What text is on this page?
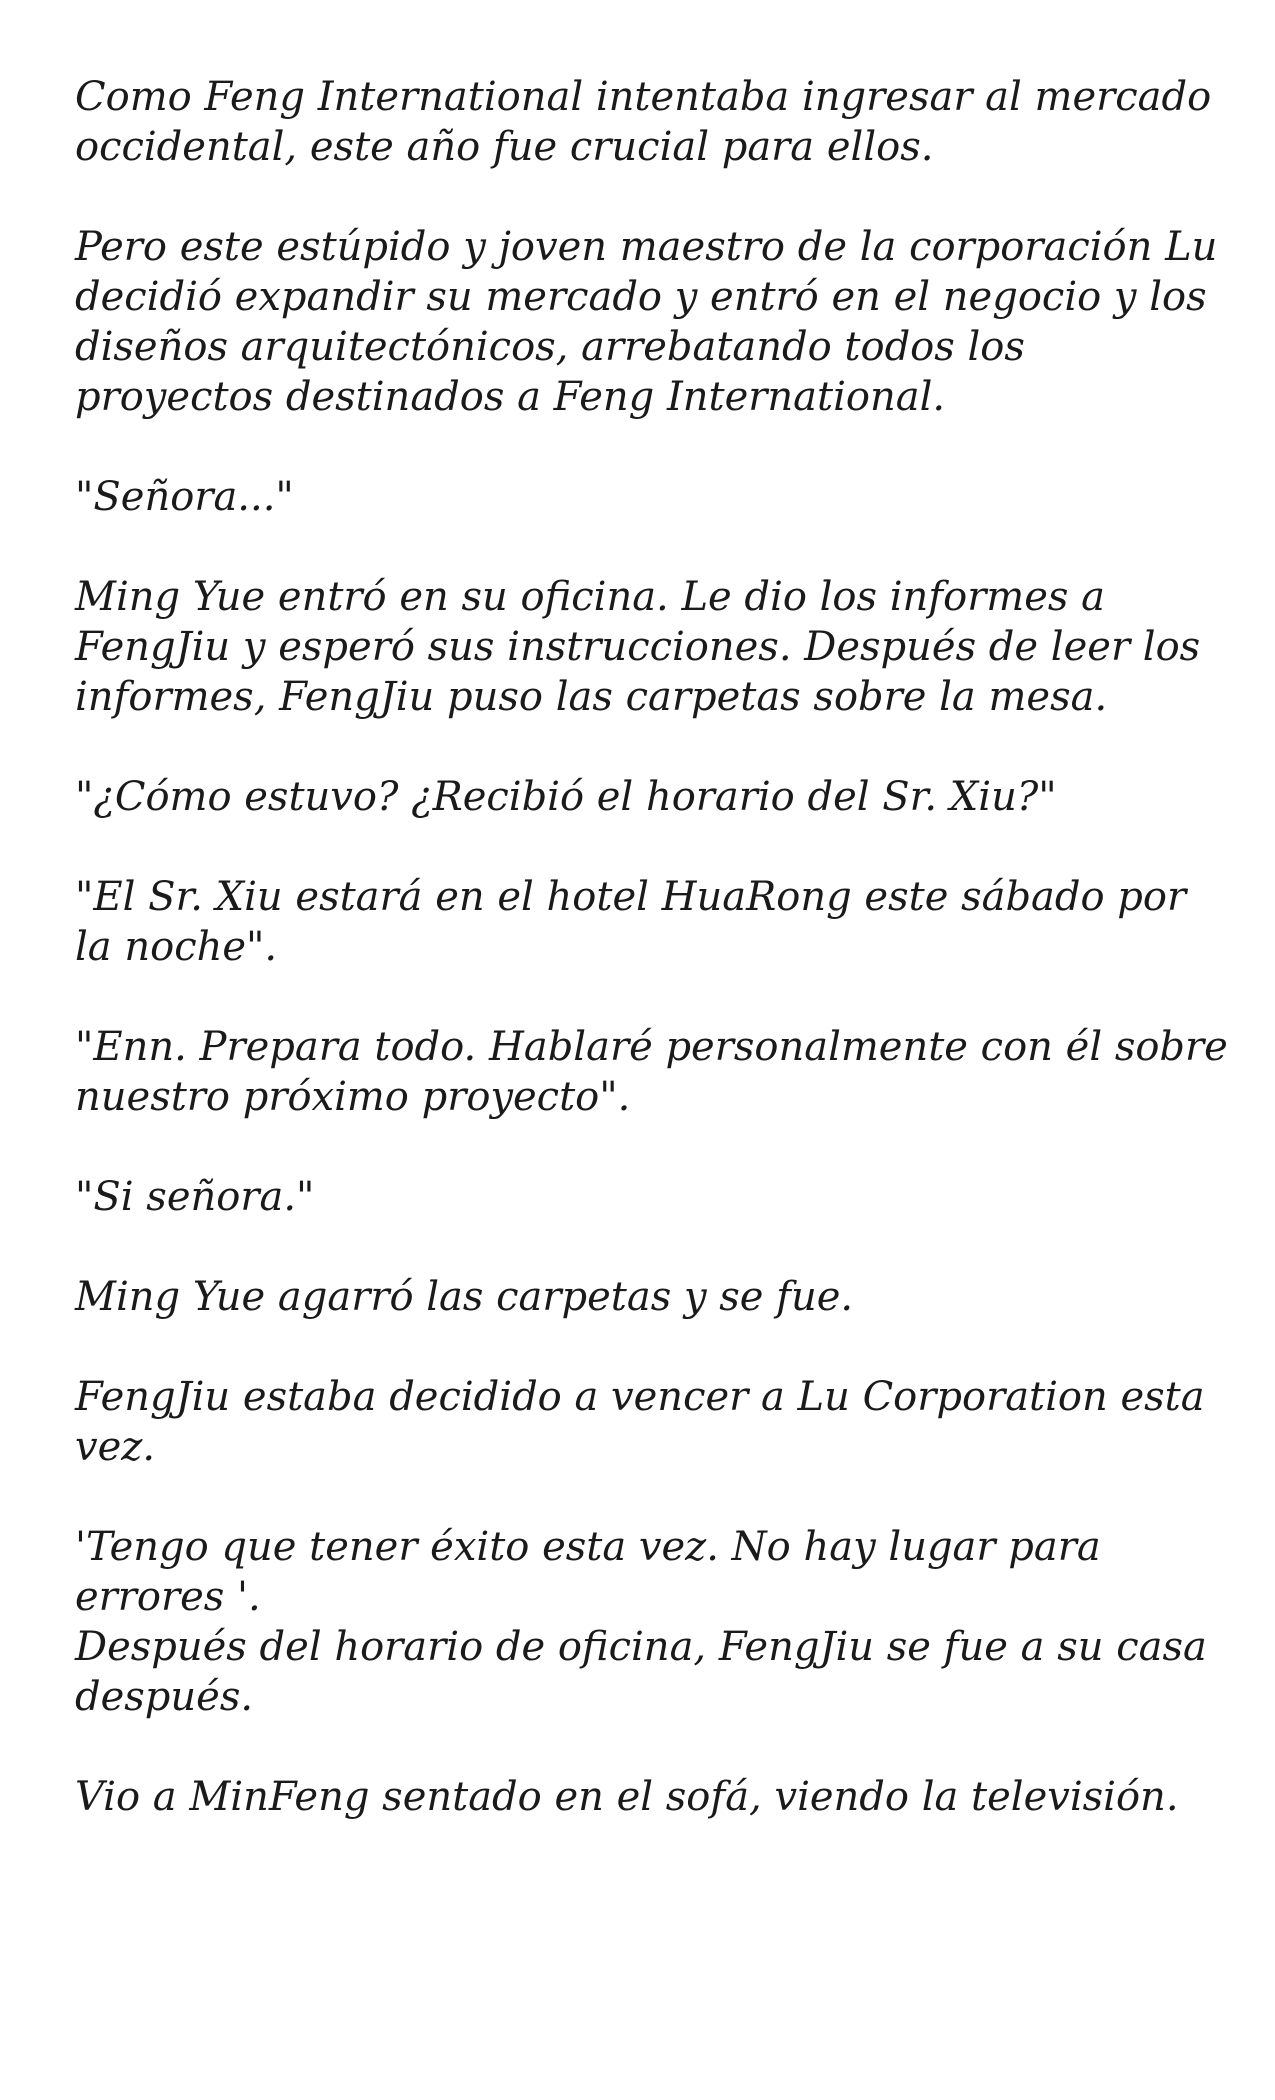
Como Feng International intentaba ingresar al mercado occidental, este año fue crucial para ellos.

Pero este estúpido y joven maestro de la corporación Lu decidió expandir su mercado y entró en el negocio y los diseños arquitectónicos, arrebatando todos los proyectos destinados a Feng International.

"Señora..."

Ming Yue entró en su oficina. Le dio los informes a FengJiu y esperó sus instrucciones. Después de leer los informes, FengJiu puso las carpetas sobre la mesa.

"¿Cómo estuvo? ¿Recibió el horario del Sr. Xiu?"

"El Sr. Xiu estará en el hotel HuaRong este sábado por la noche".

"Enn. Prepara todo. Hablaré personalmente con él sobre nuestro próximo proyecto".

"Si señora."

Ming Yue agarró las carpetas y se fue.

FengJiu estaba decidido a vencer a Lu Corporation esta vez.

'Tengo que tener éxito esta vez. No hay lugar para errores '.

Después del horario de oficina, FengJiu se fue a su casa después.

Vio a MinFeng sentado en el sofá, viendo la televisión.
